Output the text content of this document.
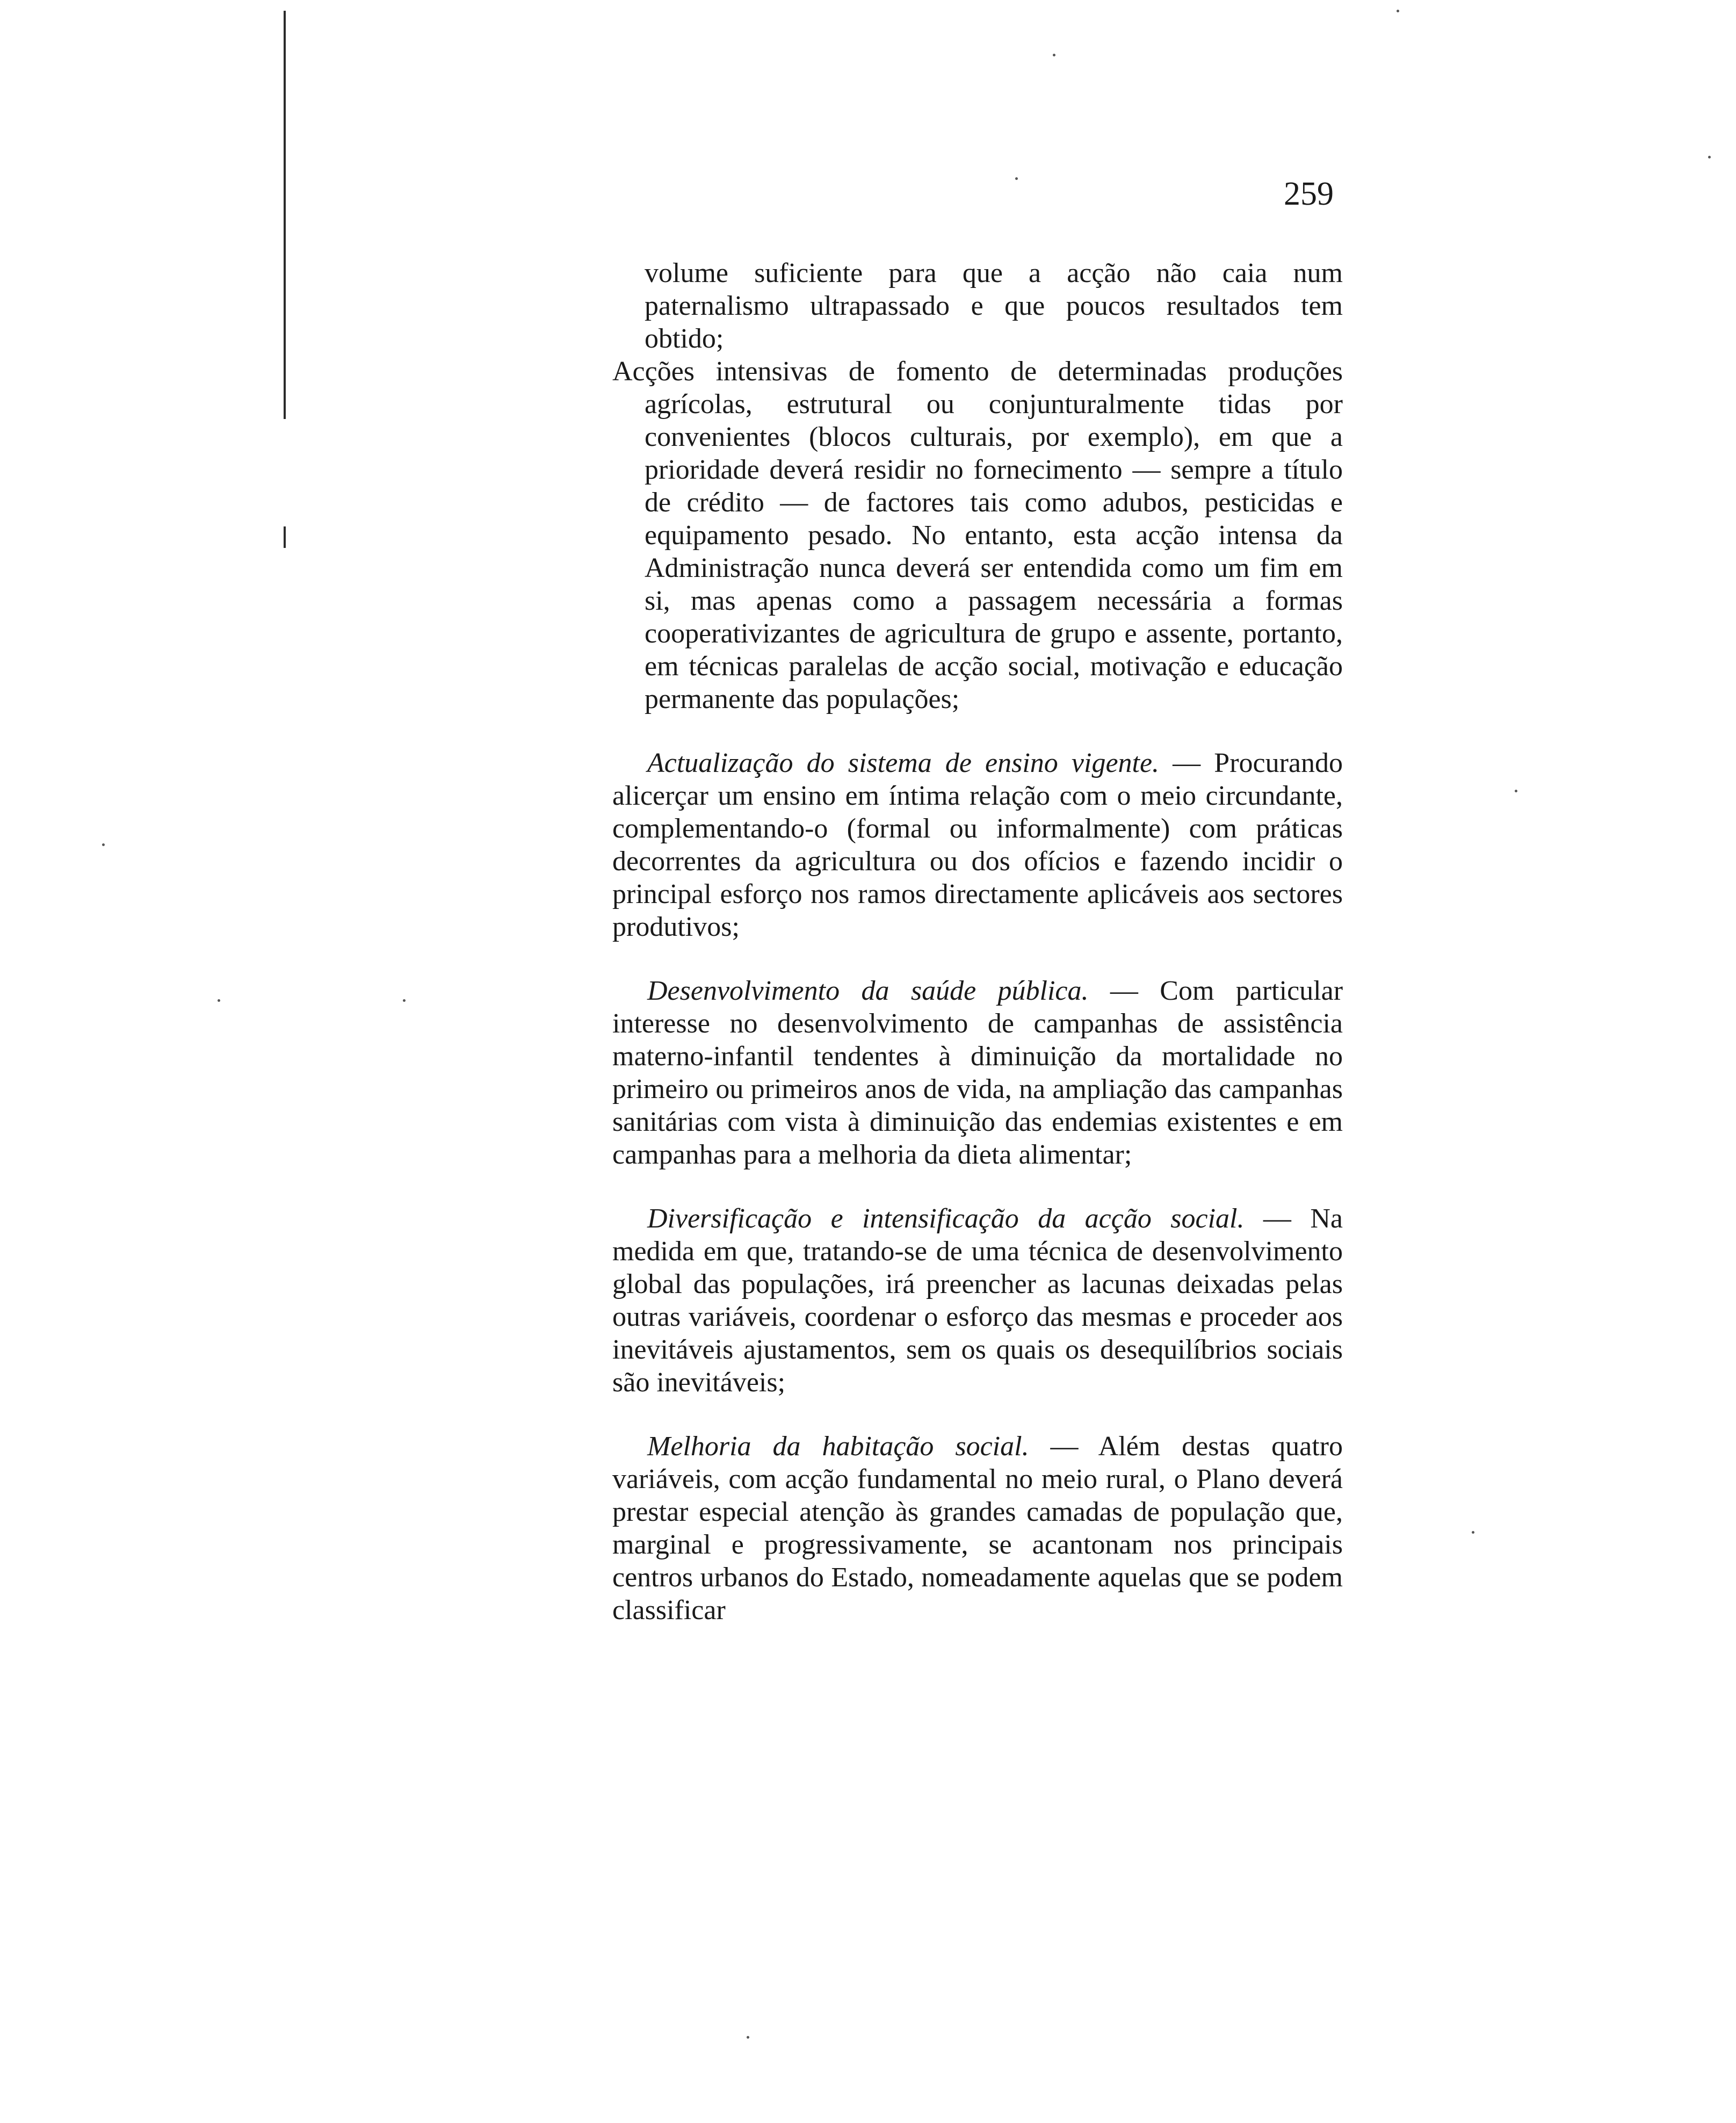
259
volume suficiente para que a acção não caia num paternalismo ultrapassado e que poucos resultados tem obtido;
Acções intensivas de fomento de determinadas produções agrícolas, estrutural ou conjunturalmente tidas por convenientes (blocos culturais, por exemplo), em que a prioridade deverá residir no fornecimento — sempre a título de crédito — de factores tais como adubos, pesticidas e equipamento pesado. No entanto, esta acção intensa da Administração nunca deverá ser entendida como um fim em si, mas apenas como a passagem necessária a formas cooperativizantes de agricultura de grupo e assente, portanto, em técnicas paralelas de acção social, motivação e educação permanente das populações;
Actualização do sistema de ensino vigente. — Procurando alicerçar um ensino em íntima relação com o meio circundante, complementando-o (formal ou informalmente) com práticas decorrentes da agricultura ou dos ofícios e fazendo incidir o principal esforço nos ramos directamente aplicáveis aos sectores produtivos;
Desenvolvimento da saúde pública. — Com particular interesse no desenvolvimento de campanhas de assistência materno-infantil tendentes à diminuição da mortalidade no primeiro ou primeiros anos de vida, na ampliação das campanhas sanitárias com vista à diminuição das endemias existentes e em campanhas para a melhoria da dieta alimentar;
Diversificação e intensificação da acção social. — Na medida em que, tratando-se de uma técnica de desenvolvimento global das populações, irá preencher as lacunas deixadas pelas outras variáveis, coordenar o esforço das mesmas e proceder aos inevitáveis ajustamentos, sem os quais os desequilíbrios sociais são inevitáveis;
Melhoria da habitação social. — Além destas quatro variáveis, com acção fundamental no meio rural, o Plano deverá prestar especial atenção às grandes camadas de população que, marginal e progressivamente, se acantonam nos principais centros urbanos do Estado, nomeadamente aquelas que se podem classificar
